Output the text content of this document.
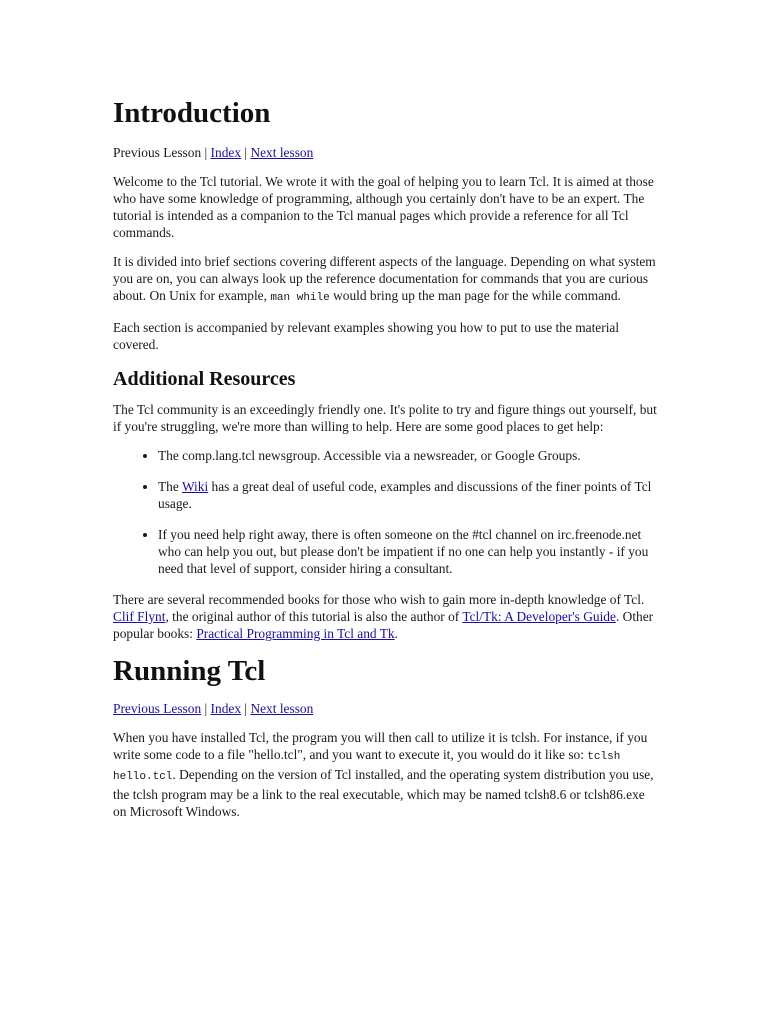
Introduction
Previous Lesson | Index | Next lesson

Welcome to the Tcl tutorial. We wrote it with the goal of helping you to learn Tcl. It is aimed at those who have some knowledge of programming, although you certainly don't have to be an expert. The tutorial is intended as a companion to the Tcl manual pages which provide a reference for all Tcl commands.

It is divided into brief sections covering different aspects of the language. Depending on what system you are on, you can always look up the reference documentation for commands that you are curious about. On Unix for example, man while would bring up the man page for the while command.

Each section is accompanied by relevant examples showing you how to put to use the material covered.

Additional Resources

The Tcl community is an exceedingly friendly one. It's polite to try and figure things out yourself, but if you're struggling, we're more than willing to help. Here are some good places to get help:

• The comp.lang.tcl newsgroup. Accessible via a newsreader, or Google Groups.
• The Wiki has a great deal of useful code, examples and discussions of the finer points of Tcl usage.
• If you need help right away, there is often someone on the #tcl channel on irc.freenode.net who can help you out, but please don't be impatient if no one can help you instantly - if you need that level of support, consider hiring a consultant.

There are several recommended books for those who wish to gain more in-depth knowledge of Tcl. Clif Flynt, the original author of this tutorial is also the author of Tcl/Tk: A Developer's Guide. Other popular books: Practical Programming in Tcl and Tk.

Running Tcl
Previous Lesson | Index | Next lesson

When you have installed Tcl, the program you will then call to utilize it is tclsh. For instance, if you write some code to a file "hello.tcl", and you want to execute it, you would do it like so: tclsh hello.tcl. Depending on the version of Tcl installed, and the operating system distribution you use, the tclsh program may be a link to the real executable, which may be named tclsh8.6 or tclsh86.exe on Microsoft Windows.
